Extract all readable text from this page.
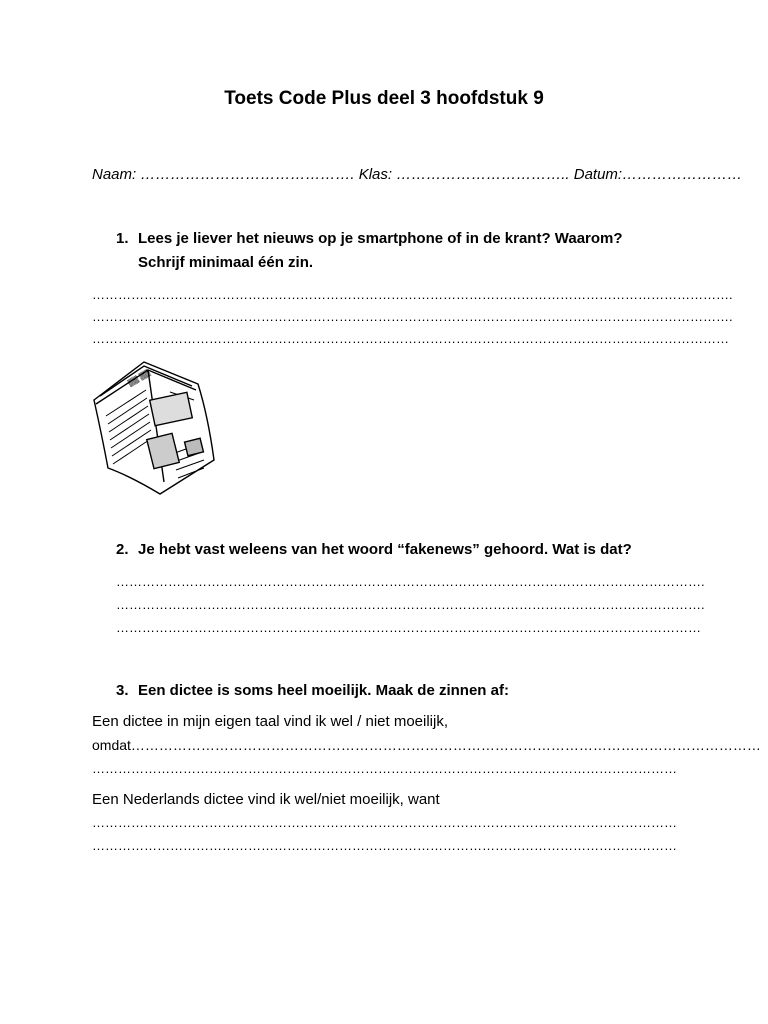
Toets Code Plus deel 3 hoofdstuk 9
Naam: ……………………………………. Klas: …………………………….. Datum:……………………
1. Lees je liever het nieuws op je smartphone of in de krant? Waarom?
Schrijf minimaal één zin.
………………………………………………………………………………………………………………………………….
………………………………………………………………………………………………………………………………….
…………………………………………………………………………………………………………………………………
▒▒ ▒▒
2. Je hebt vast weleens van het woord “fakenews” gehoord. Wat is dat?
……………………………………………………………………………………………………………………….
……………………………………………………………………………………………………………………….
………………………………………………………………………………………………………………………
3. Een dictee is soms heel moeilijk. Maak de zinnen af:
Een dictee in mijn eigen taal vind ik wel / niet moeilijk,
omdat………………………………………………………………………………………………………………………
………………………………………………………………………………………………………………………
Een Nederlands dictee vind ik wel/niet moeilijk, want
………………………………………………………………………………………………………………………
………………………………………………………………………………………………………………………
